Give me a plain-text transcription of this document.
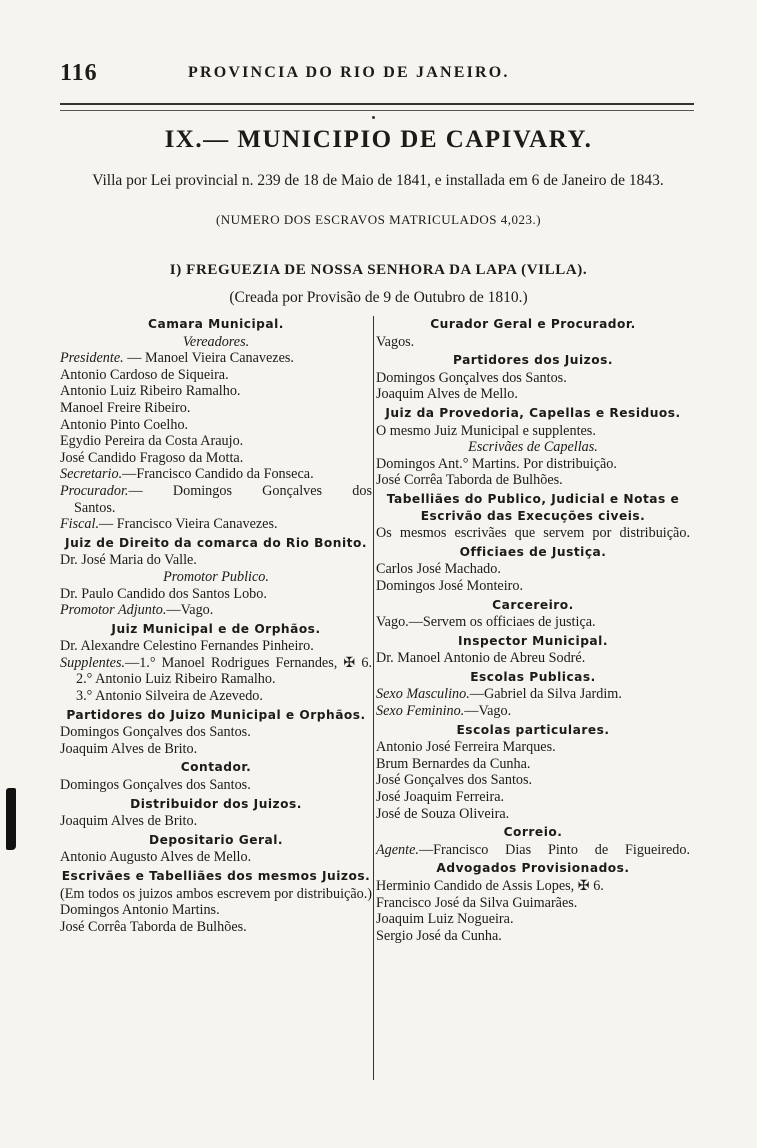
116	PROVINCIA DO RIO DE JANEIRO.
IX.— MUNICIPIO DE CAPIVARY.
Villa por Lei provincial n. 239 de 18 de Maio de 1841, e installada em 6 de Janeiro de 1843.
(NUMERO DOS ESCRAVOS MATRICULADOS 4,023.)
I) FREGUEZIA DE NOSSA SENHORA DA LAPA (VILLA).
(Creada por Provisão de 9 de Outubro de 1810.)
Camara Municipal.
Vereadores.
Presidente. — Manoel Vieira Canavezes.
Antonio Cardoso de Siqueira.
Antonio Luiz Ribeiro Ramalho.
Manoel Freire Ribeiro.
Antonio Pinto Coelho.
Egydio Pereira da Costa Araujo.
José Candido Fragoso da Motta.
Secretario.—Francisco Candido da Fonseca.
Procurador.— Domingos Gonçalves dos
Santos.
Fiscal.— Francisco Vieira Canavezes.
Juiz de Direito da comarca do Rio Bonito.
Dr. José Maria do Valle.
Promotor Publico.
Dr. Paulo Candido dos Santos Lobo.
Promotor Adjunto.—Vago.
Juiz Municipal e de Orphãos.
Dr. Alexandre Celestino Fernandes Pinheiro.
Supplentes.—1.° Manoel Rodrigues Fernandes, ✠ 6.
2.° Antonio Luiz Ribeiro Ramalho.
3.° Antonio Silveira de Azevedo.
Partidores do Juizo Municipal e Orphãos.
Domingos Gonçalves dos Santos.
Joaquim Alves de Brito.
Contador.
Domingos Gonçalves dos Santos.
Distribuidor dos Juizos.
Joaquim Alves de Brito.
Depositario Geral.
Antonio Augusto Alves de Mello.
Escrivães e Tabelliães dos mesmos Juizos.
(Em todos os juizos ambos escrevem por distribuição.)
Domingos Antonio Martins.
José Corrêa Taborda de Bulhões.
Curador Geral e Procurador.
Vagos.
Partidores dos Juizos.
Domingos Gonçalves dos Santos.
Joaquim Alves de Mello.
Juiz da Provedoria, Capellas e Residuos.
O mesmo Juiz Municipal e supplentes.
Escrivães de Capellas.
Domingos Ant.° Martins. Por distribuição.
José Corrêa Taborda de Bulhões.
Tabelliães do Publico, Judicial e Notas e Escrivão das Execuções civeis.
Os mesmos escrivães que servem por distribuição.
Officiaes de Justiça.
Carlos José Machado.
Domingos José Monteiro.
Carcereiro.
Vago.—Servem os officiaes de justiça.
Inspector Municipal.
Dr. Manoel Antonio de Abreu Sodré.
Escolas Publicas.
Sexo Masculino.—Gabriel da Silva Jardim.
Sexo Feminino.—Vago.
Escolas particulares.
Antonio José Ferreira Marques.
Brum Bernardes da Cunha.
José Gonçalves dos Santos.
José Joaquim Ferreira.
José de Souza Oliveira.
Correio.
Agente.—Francisco Dias Pinto de Figueiredo.
Advogados Provisionados.
Herminio Candido de Assis Lopes, ✠ 6.
Francisco José da Silva Guimarães.
Joaquim Luiz Nogueira.
Sergio José da Cunha.
